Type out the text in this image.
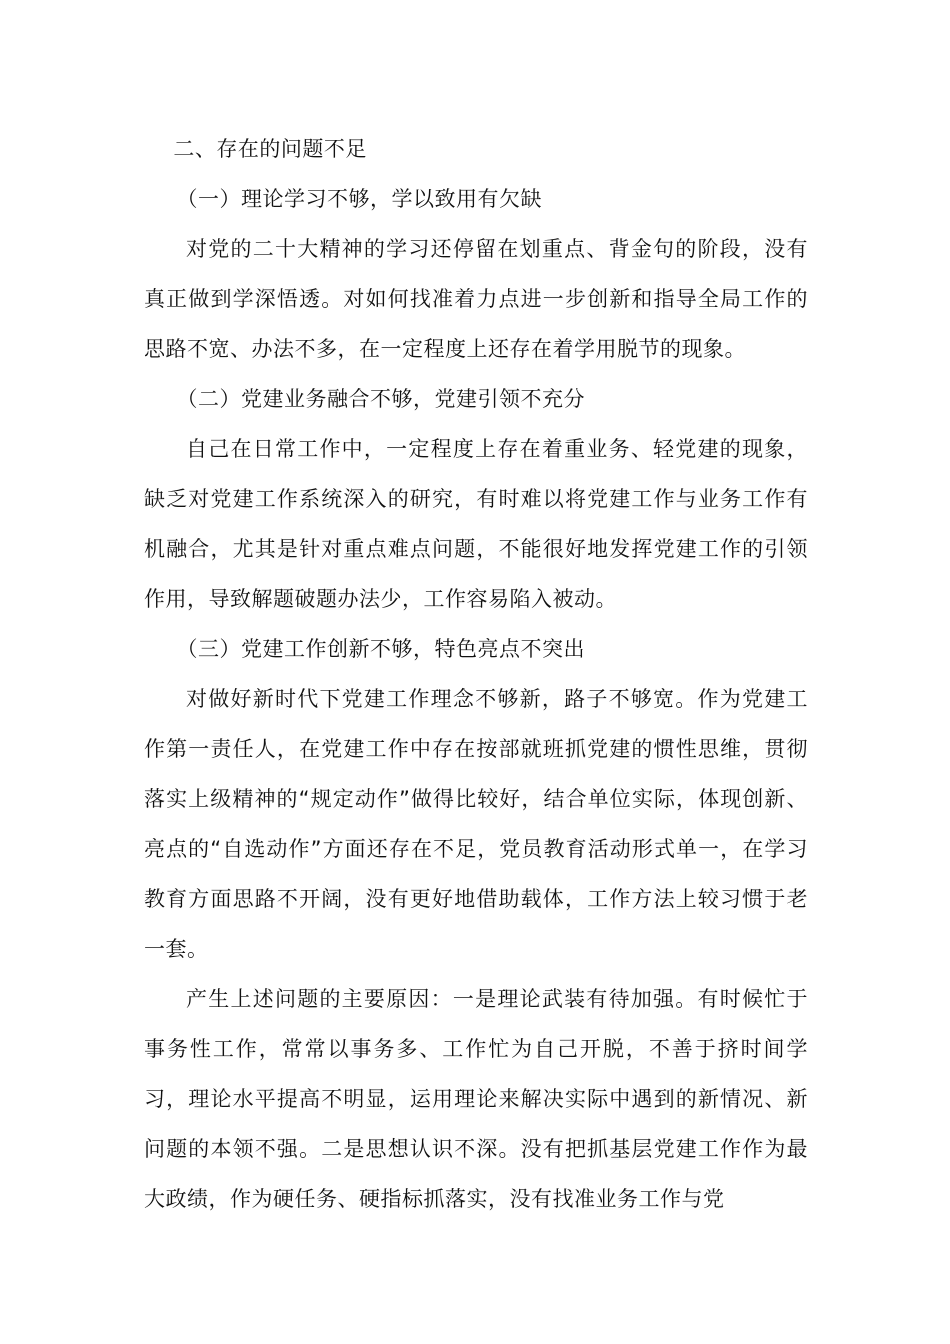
二、存在的问题不足

（一）理论学习不够，学以致用有欠缺

对党的二十大精神的学习还停留在划重点、背金句的阶段，没有真正做到学深悟透。对如何找准着力点进一步创新和指导全局工作的思路不宽、办法不多，在一定程度上还存在着学用脱节的现象。

（二）党建业务融合不够，党建引领不充分

自己在日常工作中，一定程度上存在着重业务、轻党建的现象，缺乏对党建工作系统深入的研究，有时难以将党建工作与业务工作有机融合，尤其是针对重点难点问题，不能很好地发挥党建工作的引领作用，导致解题破题办法少，工作容易陷入被动。

（三）党建工作创新不够，特色亮点不突出

对做好新时代下党建工作理念不够新，路子不够宽。作为党建工作第一责任人，在党建工作中存在按部就班抓党建的惯性思维，贯彻落实上级精神的“规定动作”做得比较好，结合单位实际，体现创新、亮点的“自选动作”方面还存在不足，党员教育活动形式单一，在学习教育方面思路不开阔，没有更好地借助载体，工作方法上较习惯于老一套。

产生上述问题的主要原因：一是理论武装有待加强。有时候忙于事务性工作，常常以事务多、工作忙为自己开脱，不善于挤时间学习，理论水平提高不明显，运用理论来解决实际中遇到的新情况、新问题的本领不强。二是思想认识不深。没有把抓基层党建工作作为最大政绩，作为硬任务、硬指标抓落实，没有找准业务工作与党
